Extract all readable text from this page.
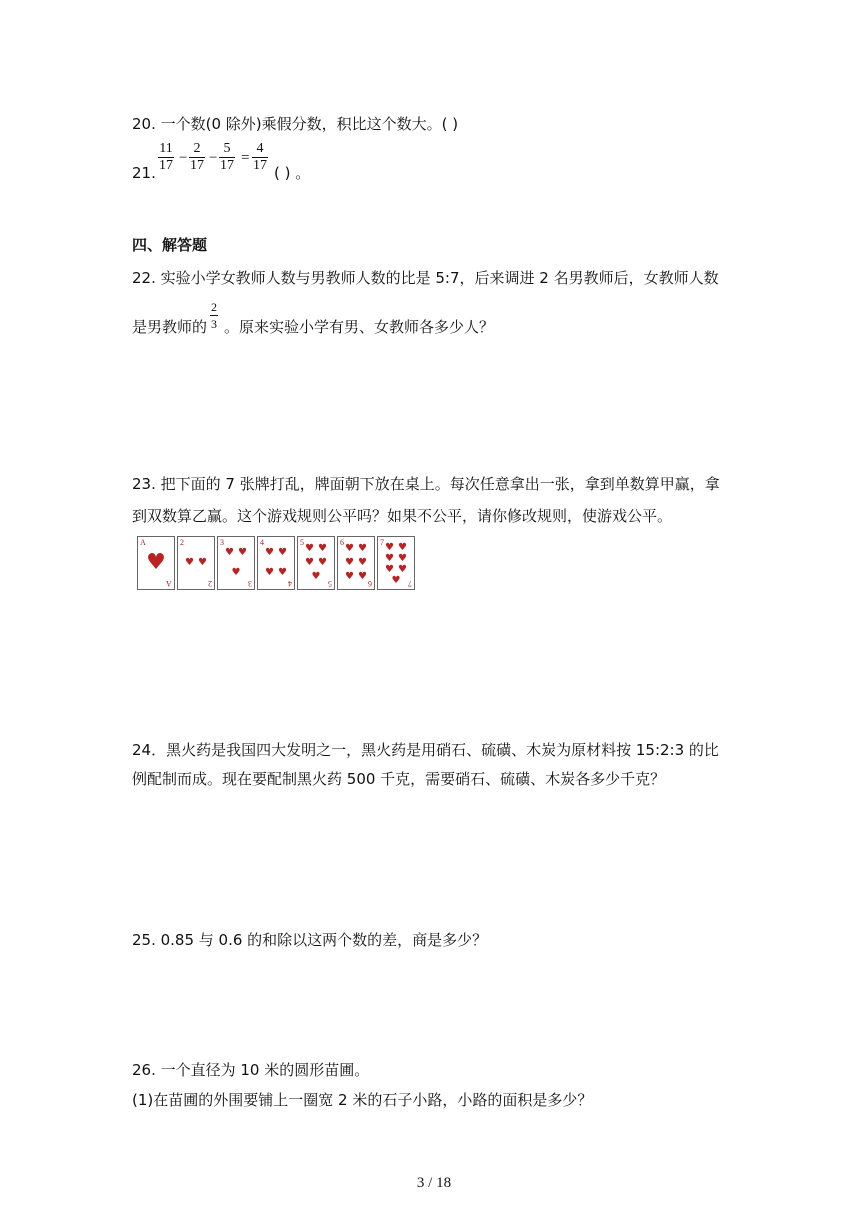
20. 一个数(0 除外)乘假分数，积比这个数大。( )
$\frac{11}{17} - \frac{2}{17} - \frac{5}{17} = \frac{4}{17}$
21.	( ) 。
四、解答题
22. 实验小学女教师人数与男教师人数的比是 5:7，后来调进 2 名男教师后，女教师人数
是男教师的 $\frac{2}{3}$ 。原来实验小学有男、女教师各多少人？
23. 把下面的 7 张牌打乱，牌面朝下放在桌上。每次任意拿出一张，拿到单数算甲赢，拿
到双数算乙赢。这个游戏规则公平吗？如果不公平，请你修改规则，使游戏公平。
A
♥
A
2
♥ ♥
2
3
♥ ♥
♥
3
4
♥ ♥
♥ ♥
4
5
♥ ♥
♥ ♥
♥
5
6
♥ ♥
♥ ♥
♥ ♥
6
7 ♥ ♥
♥ ♥
♥ ♥
♥ 7
24．黑火药是我国四大发明之一，黑火药是用硝石、硫磺、木炭为原材料按 15:2:3 的比
例配制而成。现在要配制黑火药 500 千克，需要硝石、硫磺、木炭各多少千克？
25. 0.85 与 0.6 的和除以这两个数的差，商是多少？
26. 一个直径为 10 米的圆形苗圃。
(1)在苗圃的外围要铺上一圈宽 2 米的石子小路，小路的面积是多少？
3 / 18
